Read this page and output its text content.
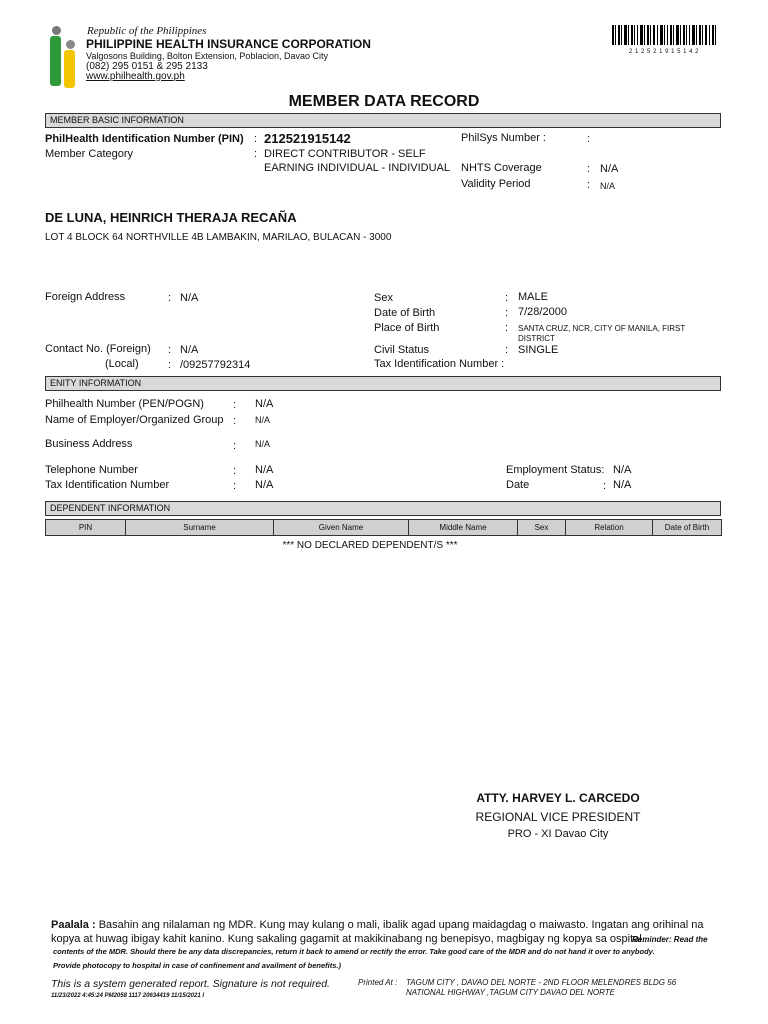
Republic of the Philippines
PHILIPPINE HEALTH INSURANCE CORPORATION
Valgosons Building, Bolton Extension, Poblacion, Davao City
(082) 295 0151 & 295 2133
www.philhealth.gov.ph
2 1 2 5 2 1 9 1 5 1 4 2
MEMBER DATA RECORD
MEMBER BASIC INFORMATION
PhilHealth Identification Number (PIN) : 212521915142
Member Category	: DIRECT CONTRIBUTOR - SELF
EARNING INDIVIDUAL - INDIVIDUAL
PhilSys Number :	:
NHTS Coverage	: N/A
Validity Period	: N/A
DE LUNA, HEINRICH THERAJA RECAÑA
LOT 4 BLOCK 64 NORTHVILLE 4B LAMBAKIN, MARILAO, BULACAN - 3000
Foreign Address	: N/A
Contact No. (Foreign) : N/A
(Local)	: /09257792314
Sex	: MALE
Date of Birth	: 7/28/2000
Place of Birth	: SANTA CRUZ, NCR, CITY OF MANILA, FIRST
DISTRICT
Civil Status	: SINGLE
Tax Identification Number :
ENITY INFORMATION
Philhealth Number (PEN/POGN)	: N/A
Name of Employer/Organized Group : N/A
Business Address	: N/A
Telephone Number	: N/A
Tax Identification Number	: N/A
Employment Status: N/A
Date	: N/A
DEPENDENT INFORMATION
PIN	Surname	Given Name	Middle Name	Sex	Relation	Date of Birth
*** NO DECLARED DEPENDENT/S ***
ATTY. HARVEY L. CARCEDO
REGIONAL VICE PRESIDENT
PRO - XI Davao City
Paalala : Basahin ang nilalaman ng MDR. Kung may kulang o mali, ibalik agad upang maidagdag o maiwasto. Ingatan ang orihinal na
kopya at huwag ibigay kahit kanino. Kung sakaling gagamit at makikinabang ng benepisyo, magbigay ng kopya sa ospital.
Reminder: Read the
contents of the MDR. Should there be any data discrepancies, return it back to amend or rectify the error. Take good care of the MDR and do not hand it over to anybody.
Provide photocopy to hospital in case of confinement and availment of benefits.)
This is a system generated report. Signature is not required.	Printed At : TAGUM CITY , DAVAO DEL NORTE - 2ND FLOOR MELENDRES BLDG 56
NATIONAL HIGHWAY ,TAGUM CITY DAVAO DEL NORTE
11/23/2022 4:45:24 PM2058 1117 20634419 11/15/2021 I
